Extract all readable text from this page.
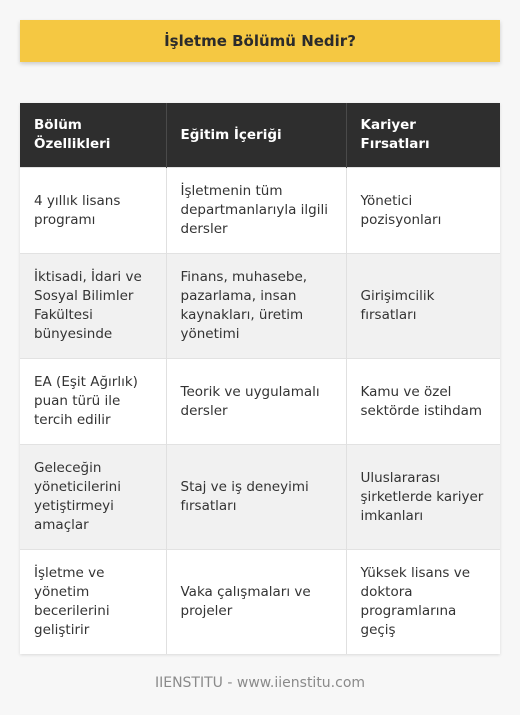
İşletme Bölümü Nedir?
Bölüm Özellikleri	Eğitim İçeriği	Kariyer Fırsatları
4 yıllık lisans programı	İşletmenin tüm departmanlarıyla ilgili dersler	Yönetici pozisyonları
İktisadi, İdari ve Sosyal Bilimler Fakültesi bünyesinde	Finans, muhasebe, pazarlama, insan kaynakları, üretim yönetimi	Girişimcilik fırsatları
EA (Eşit Ağırlık) puan türü ile tercih edilir	Teorik ve uygulamalı dersler	Kamu ve özel sektörde istihdam
Geleceğin yöneticilerini yetiştirmeyi amaçlar	Staj ve iş deneyimi fırsatları	Uluslararası şirketlerde kariyer imkanları
İşletme ve yönetim becerilerini geliştirir	Vaka çalışmaları ve projeler	Yüksek lisans ve doktora programlarına geçiş
IIENSTITU - www.iienstitu.com
